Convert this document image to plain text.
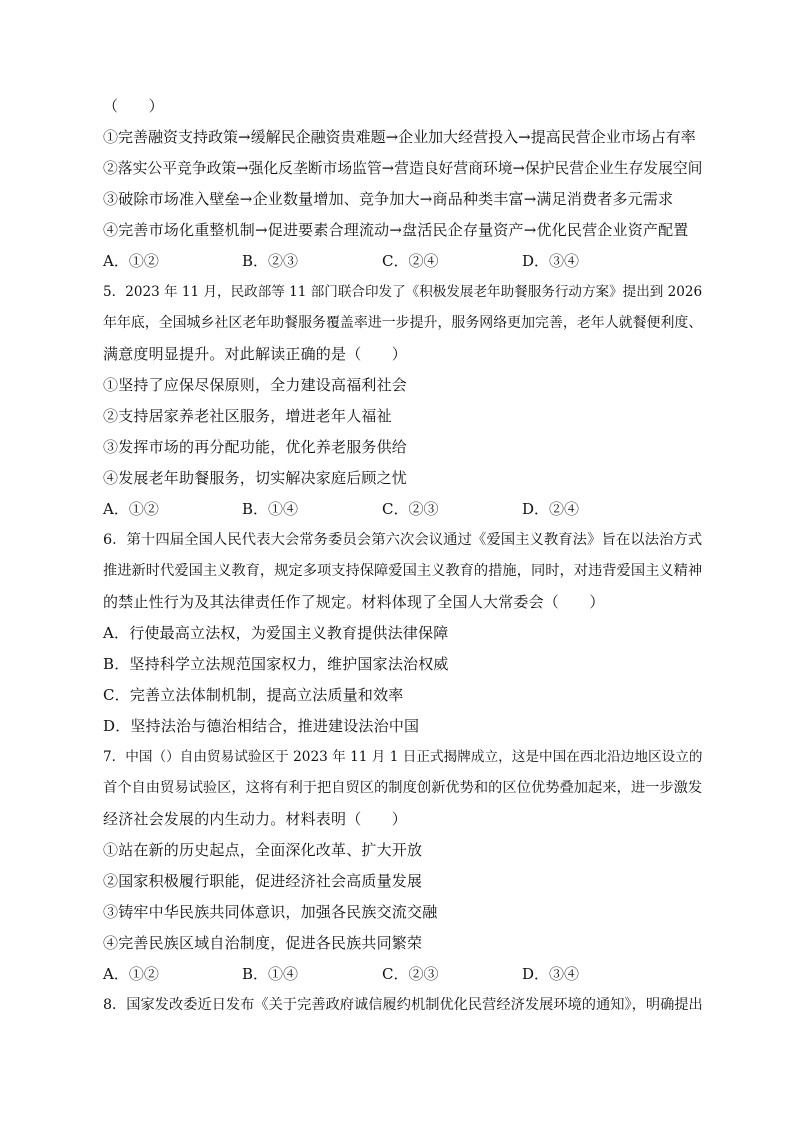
（　　）
①完善融资支持政策→缓解民企融资贵难题→企业加大经营投入→提高民营企业市场占有率
②落实公平竞争政策→强化反垄断市场监管→营造良好营商环境→保护民营企业生存发展空间
③破除市场准入壁垒→企业数量增加、竞争加大→商品种类丰富→满足消费者多元需求
④完善市场化重整机制→促进要素合理流动→盘活民企存量资产→优化民营企业资产配置
A．①②	B．②③	C．②④	D．③④
5．2023 年 11 月，民政部等 11 部门联合印发了《积极发展老年助餐服务行动方案》提出到 2026
年年底，全国城乡社区老年助餐服务覆盖率进一步提升，服务网络更加完善，老年人就餐便利度、
满意度明显提升。对此解读正确的是（　　）
①坚持了应保尽保原则，全力建设高福利社会
②支持居家养老社区服务，增进老年人福祉
③发挥市场的再分配功能，优化养老服务供给
④发展老年助餐服务，切实解决家庭后顾之忧
A．①②	B．①④	C．②③	D．②④
6．第十四届全国人民代表大会常务委员会第六次会议通过《爱国主义教育法》旨在以法治方式
推进新时代爱国主义教育，规定多项支持保障爱国主义教育的措施，同时，对违背爱国主义精神
的禁止性行为及其法律责任作了规定。材料体现了全国人大常委会（　　）
A．行使最高立法权，为爱国主义教育提供法律保障
B．坚持科学立法规范国家权力，维护国家法治权威
C．完善立法体制机制，提高立法质量和效率
D．坚持法治与德治相结合，推进建设法治中国
7．中国（）自由贸易试验区于 2023 年 11 月 1 日正式揭牌成立，这是中国在西北沿边地区设立的
首个自由贸易试验区，这将有利于把自贸区的制度创新优势和的区位优势叠加起来，进一步激发
经济社会发展的内生动力。材料表明（　　）
①站在新的历史起点，全面深化改革、扩大开放
②国家积极履行职能，促进经济社会高质量发展
③铸牢中华民族共同体意识，加强各民族交流交融
④完善民族区域自治制度，促进各民族共同繁荣
A．①②	B．①④	C．②③	D．③④
8．国家发改委近日发布《关于完善政府诚信履约机制优化民营经济发展环境的通知》，明确提出
